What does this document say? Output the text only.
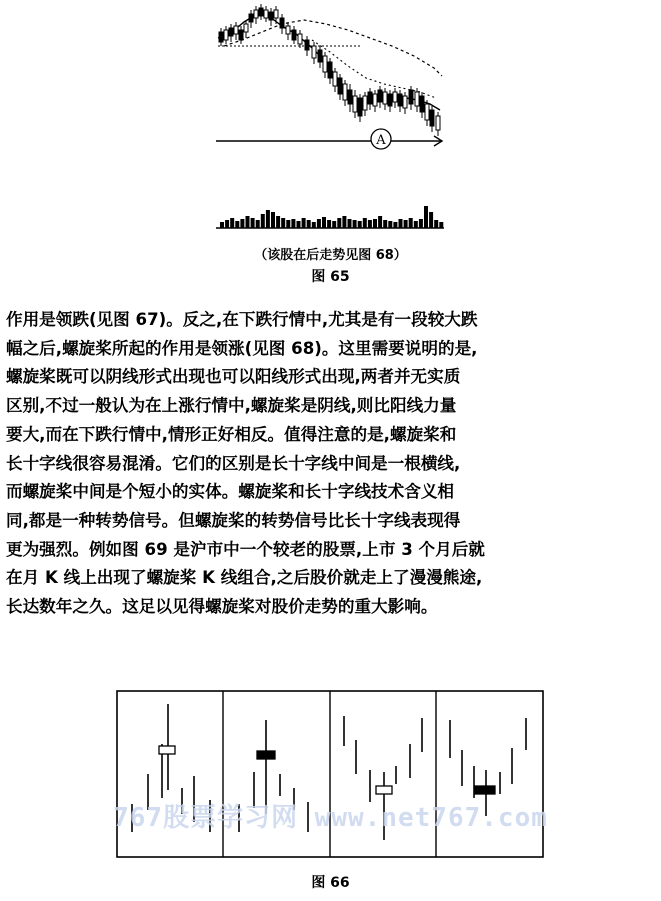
A
（该股在后走势见图 68）
图 65

作用是领跌(见图 67)。反之,在下跌行情中,尤其是有一段较大跌

幅之后,螺旋桨所起的作用是领涨(见图 68)。这里需要说明的是,

螺旋桨既可以阴线形式出现也可以阳线形式出现,两者并无实质

区别,不过一般认为在上涨行情中,螺旋桨是阴线,则比阳线力量

要大,而在下跌行情中,情形正好相反。值得注意的是,螺旋桨和

长十字线很容易混淆。它们的区别是长十字线中间是一根横线,

而螺旋桨中间是个短小的实体。螺旋桨和长十字线技术含义相

同,都是一种转势信号。但螺旋桨的转势信号比长十字线表现得

更为强烈。例如图 69 是沪市中一个较老的股票,上市 3 个月后就

在月 K 线上出现了螺旋桨 K 线组合,之后股价就走上了漫漫熊途,

长达数年之久。这足以见得螺旋桨对股价走势的重大影响。

767股票学习网 www.net767.com
图 66
